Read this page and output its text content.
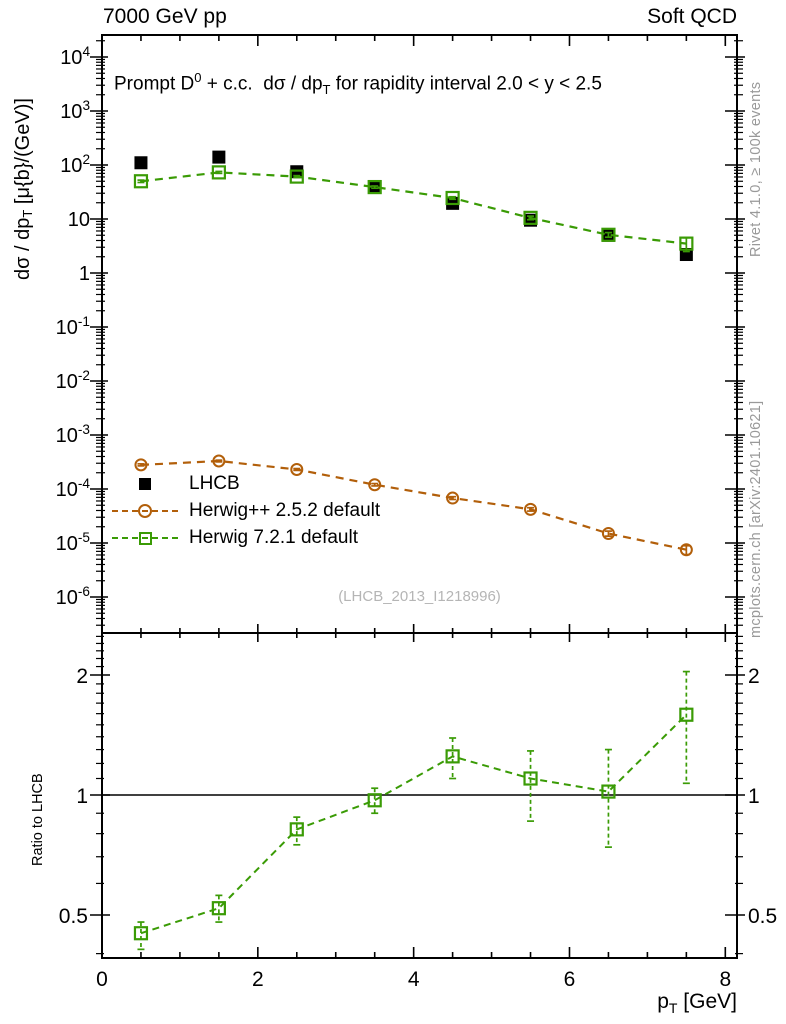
$10^4$
$10^3$
$10^2$
10
1
$10^{-1}$
$10^{-2}$
$10^{-3}$
$10^{-4}$
$10^{-5}$
$10^{-6}$
0.5	0.5
1	1
2	2
0	2	4	6	8
7000 GeV pp	Soft QCD
Prompt $D^0 + c.c$.  dσ / $dp_T$ for rapidity interval 2.0 < y < 2.5
dσ / $dp_T$ [μ{b}/(GeV)]	Rivet 4.1.0, ≥ 100k events
mcplots.cern.ch [arXiv:2401.10621]
(LHCB_2013_I1218996)
LHCB
Herwig++ 2.5.2 default
Herwig 7.2.1 default
Ratio to LHCB
$p_T$ [GeV]
